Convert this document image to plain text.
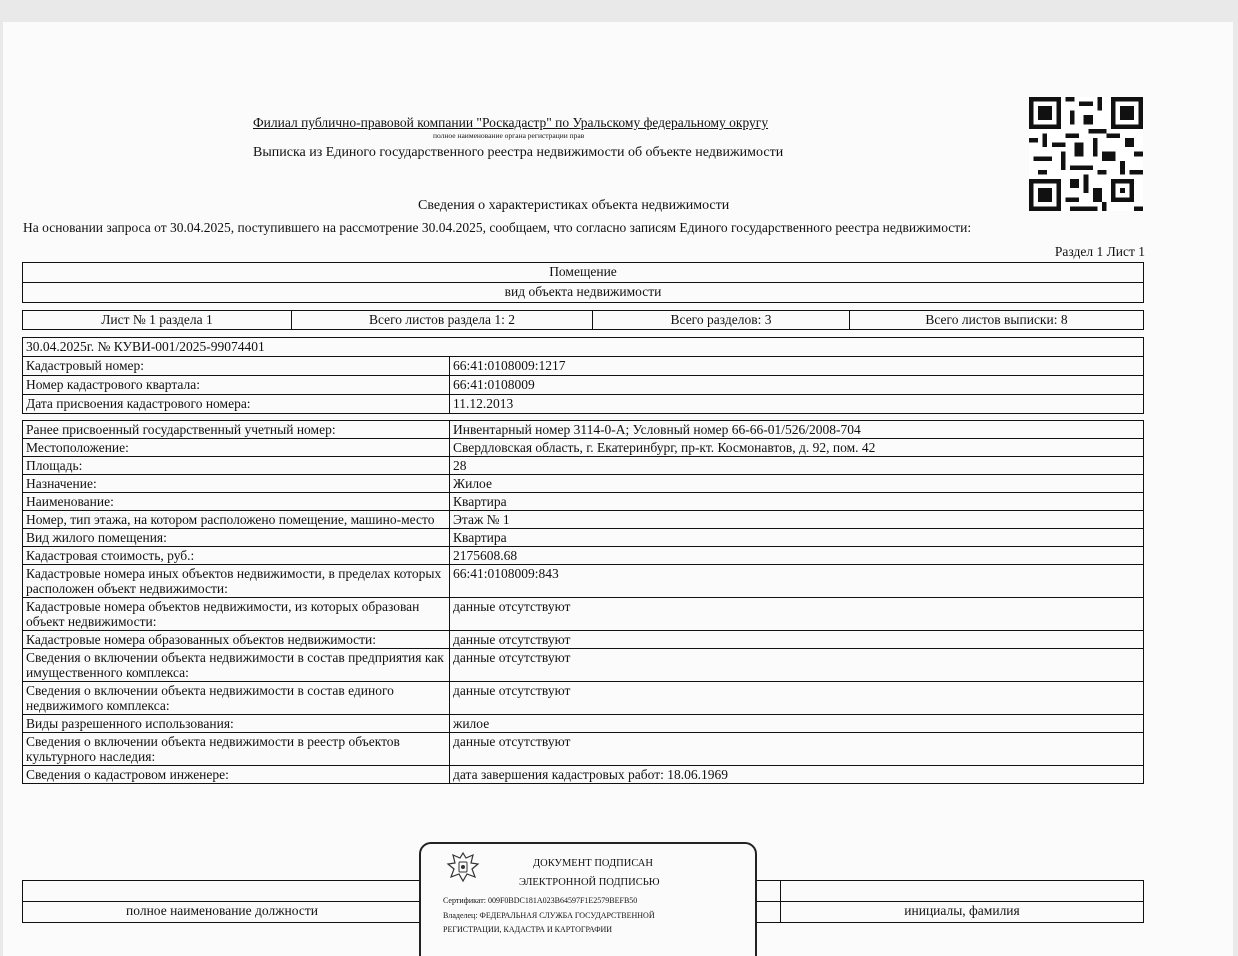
Филиал публично-правовой компании "Роскадастр" по Уральскому федеральному округу
полное наименование органа регистрации прав
Выписка из Единого государственного реестра недвижимости об объекте недвижимости
Сведения о характеристиках объекта недвижимости
На основании запроса от 30.04.2025, поступившего на рассмотрение 30.04.2025, сообщаем, что согласно записям Единого государственного реестра недвижимости:
Раздел 1 Лист 1
Помещение
вид объекта недвижимости
Лист № 1 раздела 1	Всего листов раздела 1: 2	Всего разделов: 3	Всего листов выписки: 8
30.04.2025г. № КУВИ-001/2025-99074401	
Кадастровый номер:	66:41:0108009:1217
Номер кадастрового квартала:	66:41:0108009
Дата присвоения кадастрового номера:	11.12.2013
Ранее присвоенный государственный учетный номер:	Инвентарный номер 3114-0-А; Условный номер 66-66-01/526/2008-704
Местоположение:	Свердловская область, г. Екатеринбург, пр-кт. Космонавтов, д. 92, пом. 42
Площадь:	28
Назначение:	Жилое
Наименование:	Квартира
Номер, тип этажа, на котором расположено помещение, машино-место	Этаж № 1
Вид жилого помещения:	Квартира
Кадастровая стоимость, руб.:	2175608.68
Кадастровые номера иных объектов недвижимости, в пределах которых расположен объект недвижимости:	66:41:0108009:843
Кадастровые номера объектов недвижимости, из которых образован объект недвижимости:	данные отсутствуют
Кадастровые номера образованных объектов недвижимости:	данные отсутствуют
Сведения о включении объекта недвижимости в состав предприятия как имущественного комплекса:	данные отсутствуют
Сведения о включении объекта недвижимости в состав единого недвижимого комплекса:	данные отсутствуют
Виды разрешенного использования:	жилое
Сведения о включении объекта недвижимости в реестр объектов культурного наследия:	данные отсутствуют
Сведения о кадастровом инженере:	дата завершения кадастровых работ: 18.06.1969

полное наименование должности		инициалы, фамилия
ДОКУМЕНТ ПОДПИСАН
ЭЛЕКТРОННОЙ ПОДПИСЬЮ
Сертификат: 009F0BDC181A023B64597F1E2579BEFB50
Владелец: ФЕДЕРАЛЬНАЯ СЛУЖБА ГОСУДАРСТВЕННОЙ
РЕГИСТРАЦИИ, КАДАСТРА И КАРТОГРАФИИ
